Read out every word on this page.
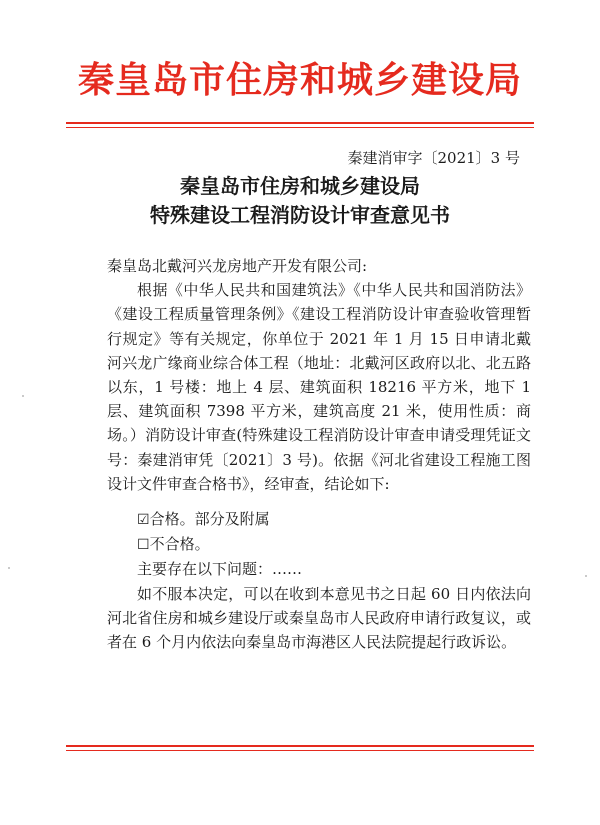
秦皇岛市住房和城乡建设局
秦建消审字〔2021〕3 号
秦皇岛市住房和城乡建设局
特殊建设工程消防设计审查意见书

秦皇岛北戴河兴龙房地产开发有限公司:

根据《中华人民共和国建筑法》《中华人民共和国消防法》《建设工程质量管理条例》《建设工程消防设计审查验收管理暂行规定》等有关规定，你单位于 2021 年 1 月 15 日申请北戴河兴龙广缘商业综合体工程（地址：北戴河区政府以北、北五路以东，1 号楼：地上 4 层、建筑面积 18216 平方米，地下 1 层、建筑面积 7398 平方米，建筑高度 21 米，使用性质：商场。）消防设计审查(特殊建设工程消防设计审查申请受理凭证文号：秦建消审凭〔2021〕3 号)。依据《河北省建设工程施工图设计文件审查合格书》，经审查，结论如下:

☑合格。部分及附属

☐不合格。

主要存在以下问题：……

如不服本决定，可以在收到本意见书之日起 60 日内依法向河北省住房和城乡建设厅或秦皇岛市人民政府申请行政复议，或者在 6 个月内依法向秦皇岛市海港区人民法院提起行政诉讼。
